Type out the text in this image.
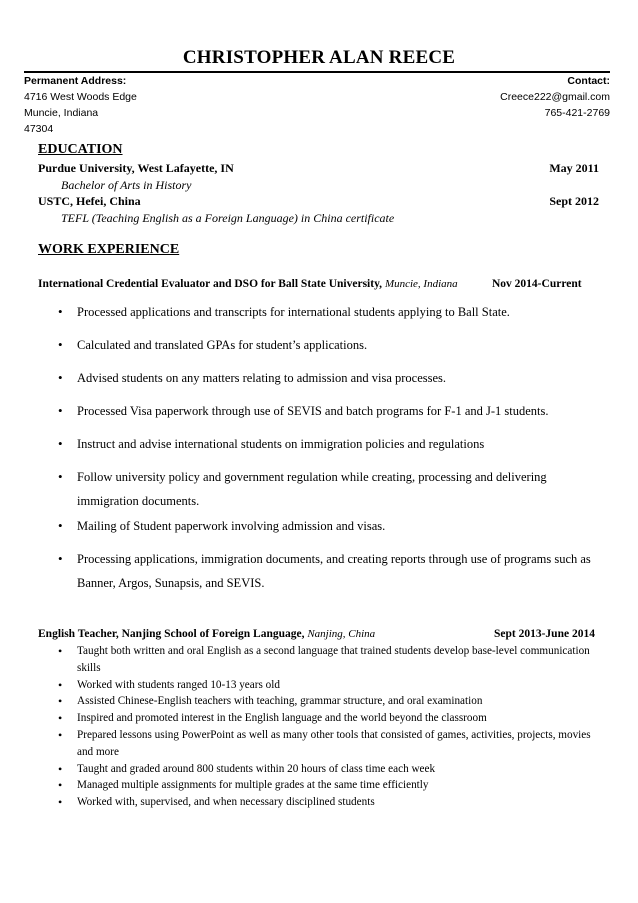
CHRISTOPHER ALAN REECE
Permanent Address:
4716 West Woods Edge
Muncie, Indiana
47304
Contact:
Creece222@gmail.com
765-421-2769
EDUCATION
Purdue University, West Lafayette, IN	May 2011
Bachelor of Arts in History
USTC, Hefei, China	Sept 2012
TEFL (Teaching English as a Foreign Language) in China certificate
WORK EXPERIENCE
International Credential Evaluator and DSO for Ball State University, Muncie, Indiana	Nov 2014-Current
• Processed applications and transcripts for international students applying to Ball State.
• Calculated and translated GPAs for student’s applications.
• Advised students on any matters relating to admission and visa processes.
• Processed Visa paperwork through use of SEVIS and batch programs for F-1 and J-1 students.
• Instruct and advise international students on immigration policies and regulations
• Follow university policy and government regulation while creating, processing and delivering immigration documents.
• Mailing of Student paperwork involving admission and visas.
• Processing applications, immigration documents, and creating reports through use of programs such as Banner, Argos, Sunapsis, and SEVIS.
English Teacher, Nanjing School of Foreign Language, Nanjing, China	Sept 2013-June 2014
• Taught both written and oral English as a second language that trained students develop base-level communication skills
• Worked with students ranged 10-13 years old
• Assisted Chinese-English teachers with teaching, grammar structure, and oral examination
• Inspired and promoted interest in the English language and the world beyond the classroom
• Prepared lessons using PowerPoint as well as many other tools that consisted of games, activities, projects, movies and more
• Taught and graded around 800 students within 20 hours of class time each week
• Managed multiple assignments for multiple grades at the same time efficiently
• Worked with, supervised, and when necessary disciplined students
